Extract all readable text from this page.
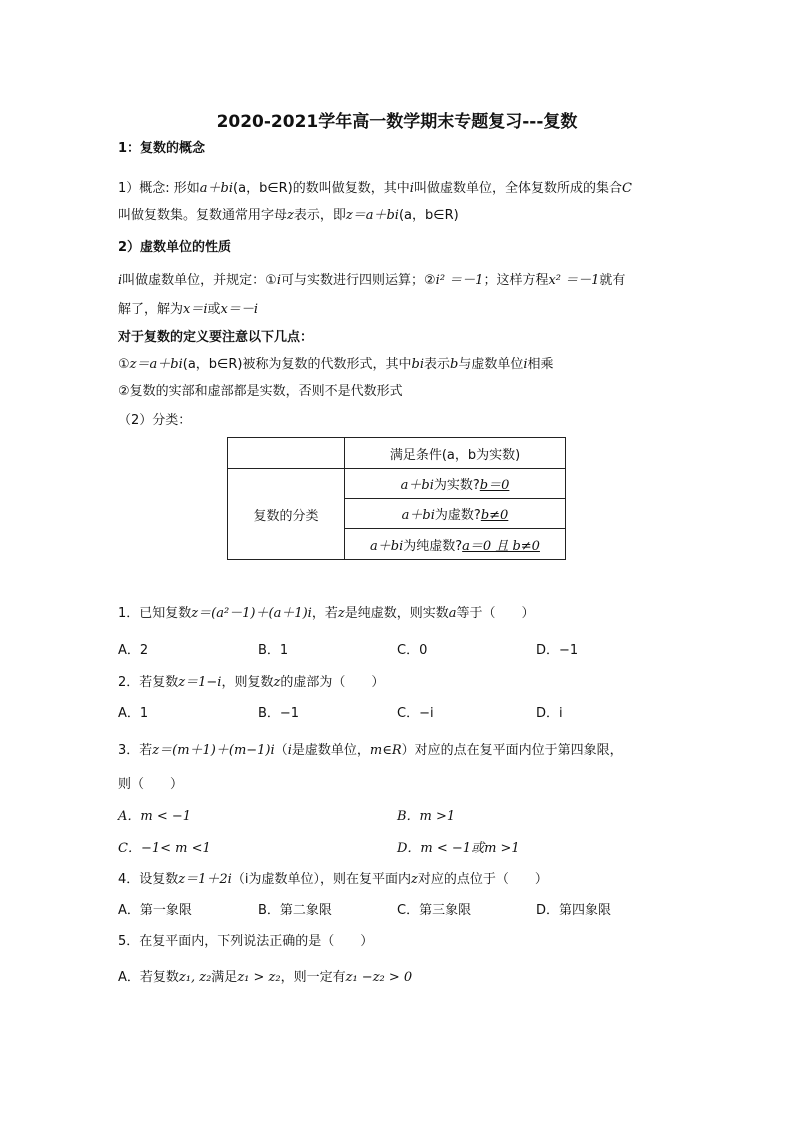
2020-2021学年高一数学期末专题复习---复数
1：复数的概念
1）概念: 形如a＋bi(a，b∈R)的数叫做复数，其中i叫做虚数单位，全体复数所成的集合C
叫做复数集。复数通常用字母z表示，即z＝a＋bi(a，b∈R)
2）虚数单位的性质
i叫做虚数单位，并规定：①i可与实数进行四则运算；②i² ＝－1；这样方程x² ＝－1就有
解了，解为x＝i或x＝－i
对于复数的定义要注意以下几点：
①z＝a＋bi(a，b∈R)被称为复数的代数形式，其中bi表示b与虚数单位i相乘
②复数的实部和虚部都是实数，否则不是代数形式
（2）分类：
	满足条件(a，b为实数)
复数的分类	a＋bi为实数?b＝0
	a＋bi为虚数?b≠0
	a＋bi为纯虚数?a＝0 且 b≠0
1．已知复数z＝(a²－1)＋(a＋1)i，若z是纯虚数，则实数a等于（　　）
A．2	B．1	C．0	D．−1
2．若复数z＝1−i，则复数z的虚部为（　　）
A．1	B．−1	C．−i	D．i
3．若z＝(m＋1)＋(m−1)i（i是虚数单位，m∈R）对应的点在复平面内位于第四象限，
则（　　）
A．m < −1	B．m >1
C．−1< m <1	D．m < −1或m >1
4．设复数z＝1＋2i（i为虚数单位），则在复平面内z对应的点位于（　　）
A．第一象限	B．第二象限	C．第三象限	D．第四象限
5．在复平面内，下列说法正确的是（　　）
A．若复数z₁, z₂满足z₁ > z₂，则一定有z₁ −z₂ > 0
